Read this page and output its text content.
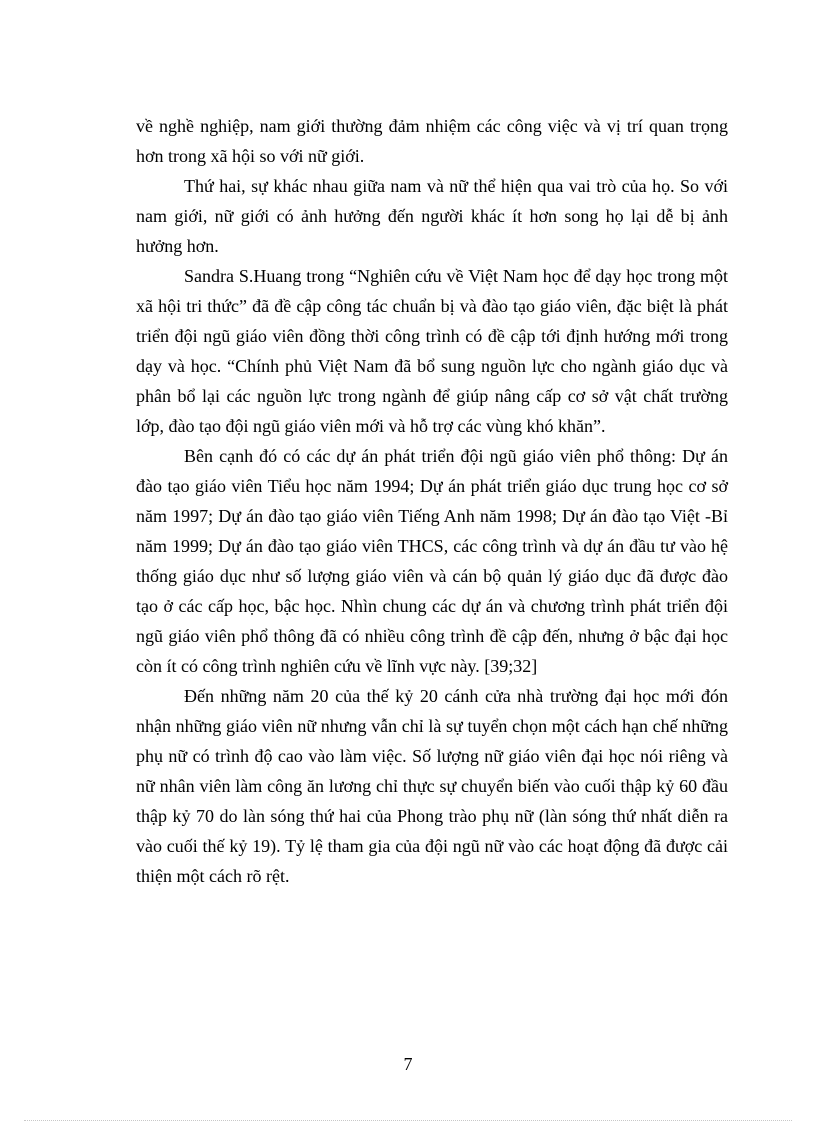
về nghề nghiệp, nam giới thường đảm nhiệm các công việc và vị trí quan trọng hơn trong xã hội so với nữ giới.

Thứ hai, sự khác nhau giữa nam và nữ thể hiện qua vai trò của họ. So với nam giới, nữ giới có ảnh hưởng đến người khác ít hơn song họ lại dễ bị ảnh hưởng hơn.

Sandra S.Huang trong “Nghiên cứu về Việt Nam học để dạy học trong một xã hội tri thức” đã đề cập công tác chuẩn bị và đào tạo giáo viên, đặc biệt là phát triển đội ngũ giáo viên đồng thời công trình có đề cập tới định hướng mới trong dạy và học. “Chính phủ Việt Nam đã bổ sung nguồn lực cho ngành giáo dục và phân bổ lại các nguồn lực trong ngành để giúp nâng cấp cơ sở vật chất trường lớp, đào tạo đội ngũ giáo viên mới và hỗ trợ các vùng khó khăn”.

Bên cạnh đó có các dự án phát triển đội ngũ giáo viên phổ thông: Dự án đào tạo giáo viên Tiểu học năm 1994; Dự án phát triển giáo dục trung học cơ sở năm 1997; Dự án đào tạo giáo viên Tiếng Anh năm 1998; Dự án đào tạo Việt -Bỉ năm 1999; Dự án đào tạo giáo viên THCS, các công trình và dự án đầu tư vào hệ thống giáo dục như số lượng giáo viên và cán bộ quản lý giáo dục đã được đào tạo ở các cấp học, bậc học. Nhìn chung các dự án và chương trình phát triển đội ngũ giáo viên phổ thông đã có nhiều công trình đề cập đến, nhưng ở bậc đại học còn ít có công trình nghiên cứu về lĩnh vực này. [39;32]

Đến những năm 20 của thế kỷ 20 cánh cửa nhà trường đại học mới đón nhận những giáo viên nữ nhưng vẫn chỉ là sự tuyển chọn một cách hạn chế những phụ nữ có trình độ cao vào làm việc. Số lượng nữ giáo viên đại học nói riêng và nữ nhân viên làm công ăn lương chỉ thực sự chuyển biến vào cuối thập kỷ 60 đầu thập kỷ 70 do làn sóng thứ hai của Phong trào phụ nữ (làn sóng thứ nhất diễn ra vào cuối thế kỷ 19). Tỷ lệ tham gia của đội ngũ nữ vào các hoạt động đã được cải thiện một cách rõ rệt.

7
